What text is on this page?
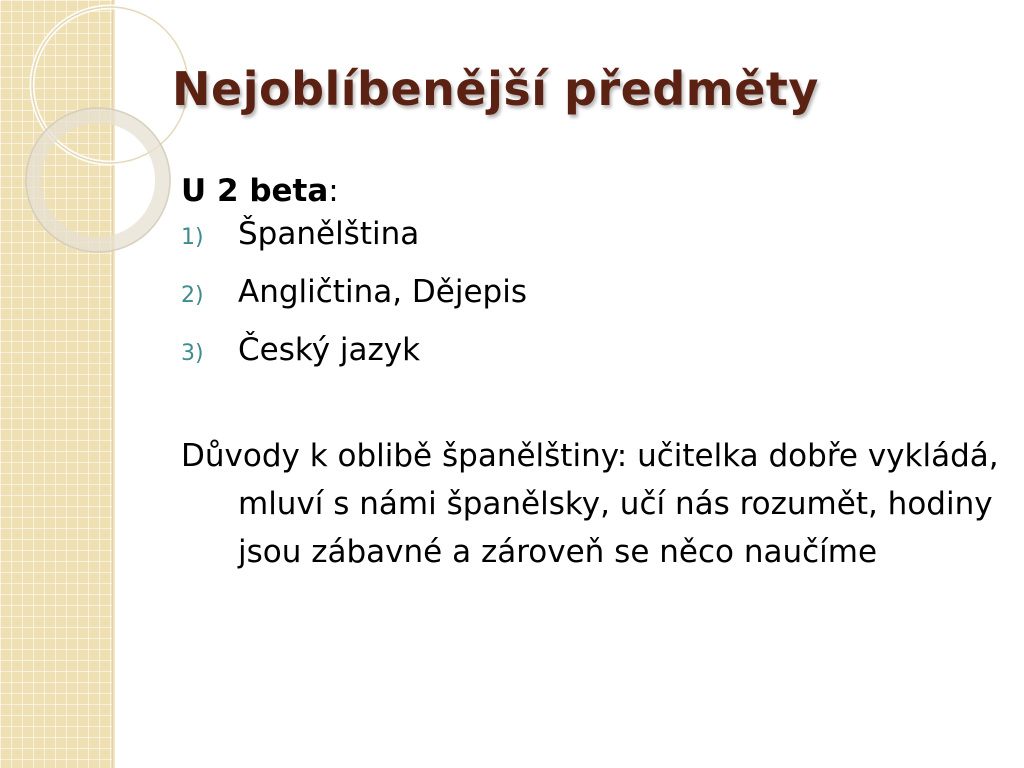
Nejoblíbenější předměty

U 2 beta:

1)	Španělština
2)	Angličtina, Dějepis
3)	Český jazyk

Důvody k oblibě španělštiny: učitelka dobře vykládá, mluví s námi španělsky, učí nás rozumět, hodiny jsou zábavné a zároveň se něco naučíme
